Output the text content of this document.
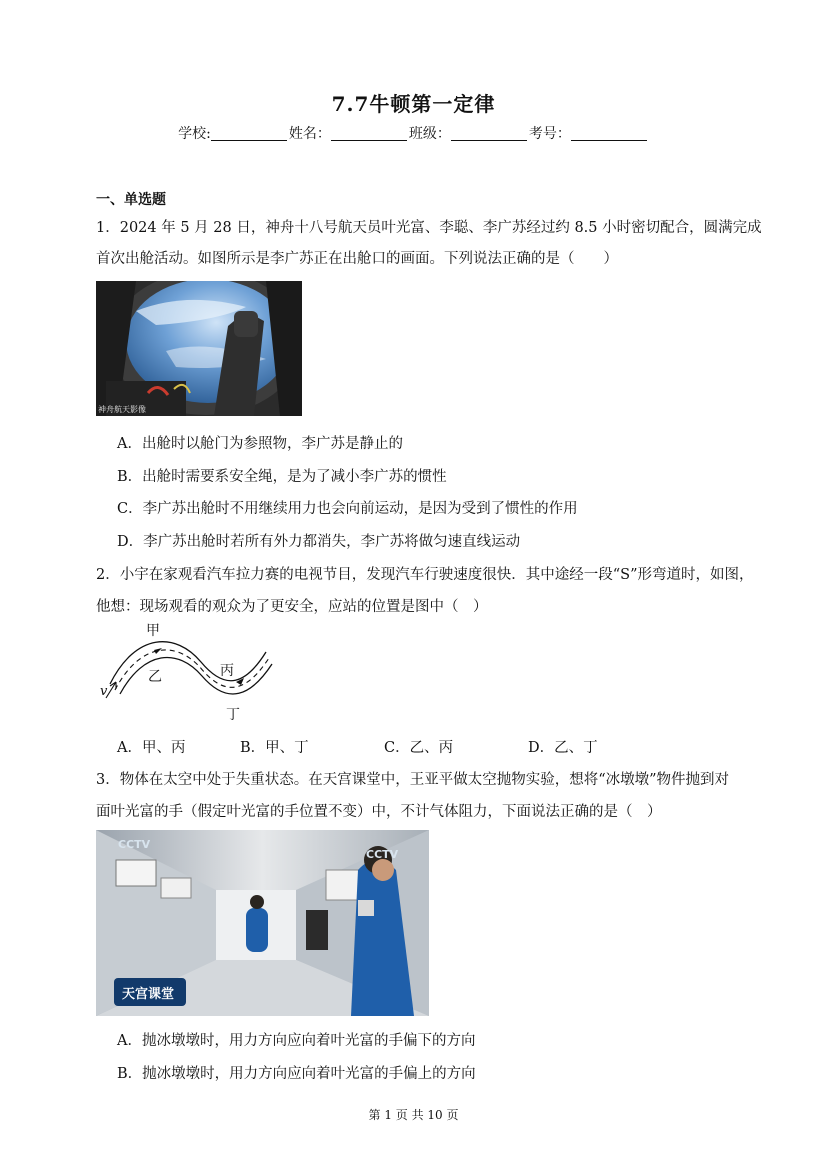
7.7牛顿第一定律
学校:	姓名：	班级：	考号：
一、单选题
1．2024 年 5 月 28 日，神舟十八号航天员叶光富、李聪、李广苏经过约 8.5 小时密切配合，圆满完成
首次出舱活动。如图所示是李广苏正在出舱口的画面。下列说法正确的是（　　）
神舟航天影像
A．出舱时以舱门为参照物，李广苏是静止的
B．出舱时需要系安全绳，是为了减小李广苏的惯性
C．李广苏出舱时不用继续用力也会向前运动，是因为受到了惯性的作用
D．李广苏出舱时若所有外力都消失，李广苏将做匀速直线运动
2．小宇在家观看汽车拉力赛的电视节目，发现汽车行驶速度很快．其中途经一段“S”形弯道时，如图，
他想：现场观看的观众为了更安全，应站的位置是图中（　）
甲
乙	丙
丁
v
A．甲、丙	B．甲、丁	C．乙、丙	D．乙、丁
3．物体在太空中处于失重状态。在天宫课堂中，王亚平做太空抛物实验，想将“冰墩墩”物件抛到对
面叶光富的手（假定叶光富的手位置不变）中，不计气体阻力，下面说法正确的是（　）
CCTV
CCTV
天宫课堂
A．抛冰墩墩时，用力方向应向着叶光富的手偏下的方向
B．抛冰墩墩时，用力方向应向着叶光富的手偏上的方向
第 1 页 共 10 页
